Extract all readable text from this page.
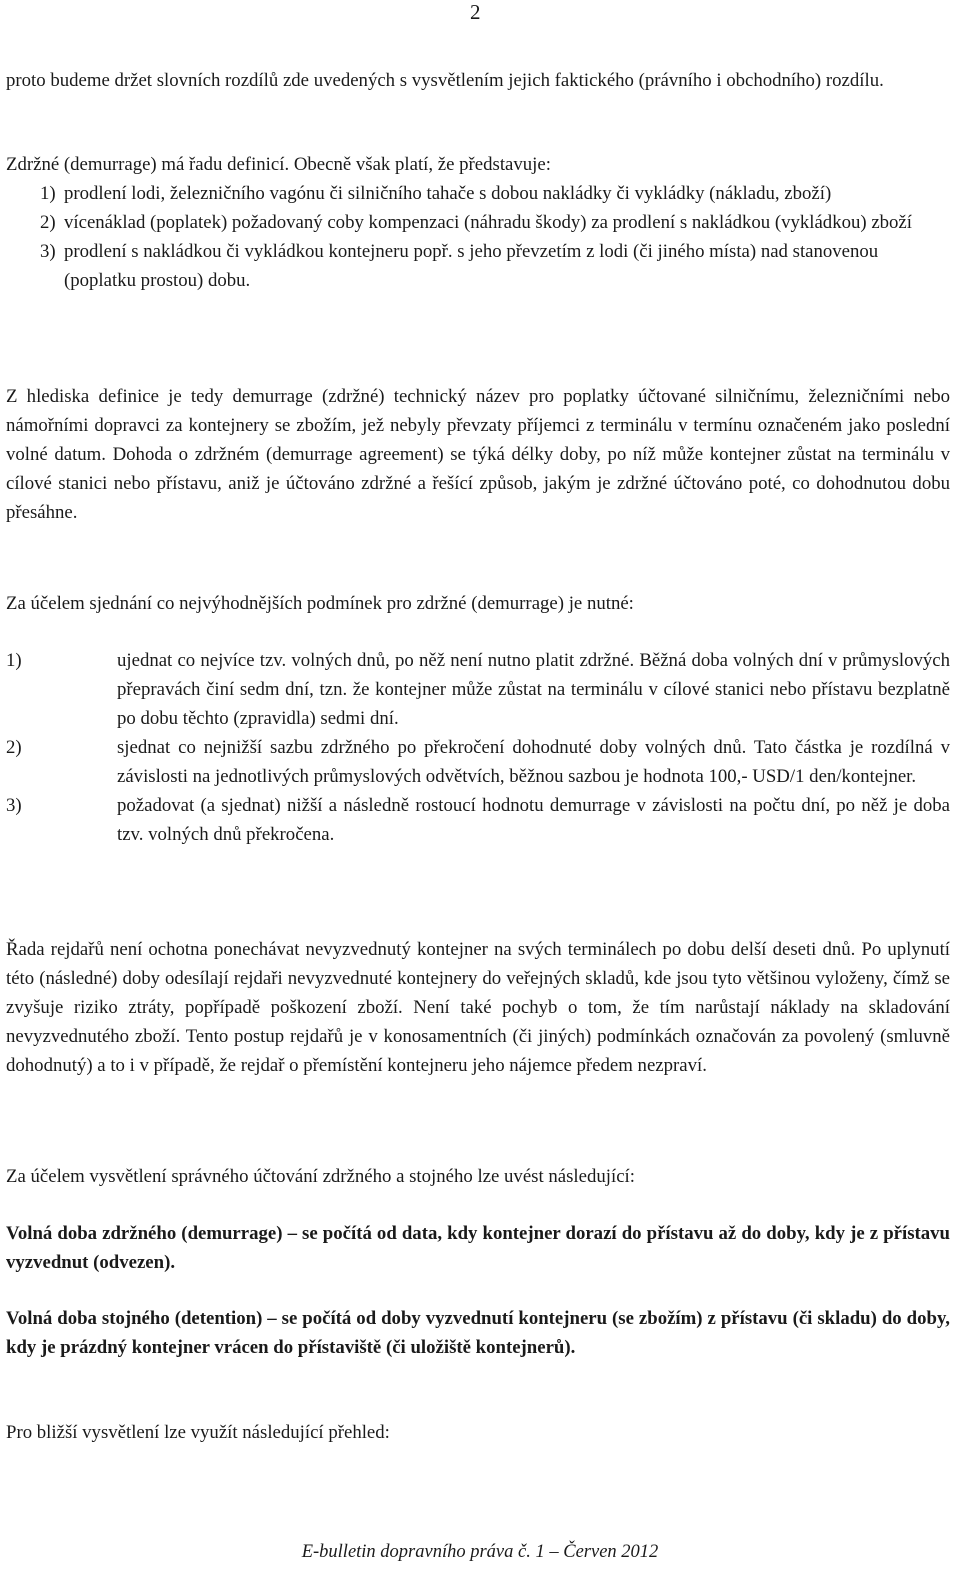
2
proto budeme držet slovních rozdílů zde uvedených s vysvětlením jejich faktického (právního i obchodního) rozdílu.
Zdržné (demurrage) má řadu definicí. Obecně však platí, že představuje:
1) prodlení lodi, železničního vagónu či silničního tahače s dobou nakládky či vykládky (nákladu, zboží)
2) vícenáklad (poplatek) požadovaný coby kompenzaci (náhradu škody) za prodlení s nakládkou (vykládkou) zboží
3) prodlení s nakládkou či vykládkou kontejneru popř. s jeho převzetím z lodi (či jiného místa) nad stanovenou (poplatku prostou) dobu.
Z hlediska definice je tedy demurrage (zdržné) technický název pro poplatky účtované silničnímu, železničními nebo námořními dopravci za kontejnery se zbožím, jež nebyly převzaty příjemci z terminálu v termínu označeném jako poslední volné datum. Dohoda o zdržném (demurrage agreement) se týká délky doby, po níž může kontejner zůstat na terminálu v cílové stanici nebo přístavu, aniž je účtováno zdržné a řešící způsob, jakým je zdržné účtováno poté, co dohodnutou dobu přesáhne.
Za účelem sjednání co nejvýhodnějších podmínek pro zdržné (demurrage) je nutné:
1)	ujednat co nejvíce tzv. volných dnů, po něž není nutno platit zdržné. Běžná doba volných dní v průmyslových přepravách činí sedm dní, tzn. že kontejner může zůstat na terminálu v cílové stanici nebo přístavu bezplatně po dobu těchto (zpravidla) sedmi dní.
2)	sjednat co nejnižší sazbu zdržného po překročení dohodnuté doby volných dnů. Tato částka je rozdílná v závislosti na jednotlivých průmyslových odvětvích, běžnou sazbou je hodnota 100,- USD/1 den/kontejner.
3)	požadovat (a sjednat) nižší a následně rostoucí hodnotu demurrage v závislosti na počtu dní, po něž je doba tzv. volných dnů překročena.
Řada rejdařů není ochotna ponechávat nevyzvednutý kontejner na svých terminálech po dobu delší deseti dnů. Po uplynutí této (následné) doby odesílají rejdaři nevyzvednuté kontejnery do veřejných skladů, kde jsou tyto většinou vyloženy, čímž se zvyšuje riziko ztráty, popřípadě poškození zboží. Není také pochyb o tom, že tím narůstají náklady na skladování nevyzvednutého zboží. Tento postup rejdařů je v konosamentních (či jiných) podmínkách označován za povolený (smluvně dohodnutý) a to i v případě, že rejdař o přemístění kontejneru jeho nájemce předem nezpraví.
Za účelem vysvětlení správného účtování zdržného a stojného lze uvést následující:
Volná doba zdržného (demurrage) – se počítá od data, kdy kontejner dorazí do přístavu až do doby, kdy je z přístavu vyzvednut (odvezen).
Volná doba stojného (detention) – se počítá od doby vyzvednutí kontejneru (se zbožím) z přístavu (či skladu) do doby, kdy je prázdný kontejner vrácen do přístaviště (či uložiště kontejnerů).
Pro bližší vysvětlení lze využít následující přehled:
E-bulletin dopravního práva č. 1 – Červen 2012
